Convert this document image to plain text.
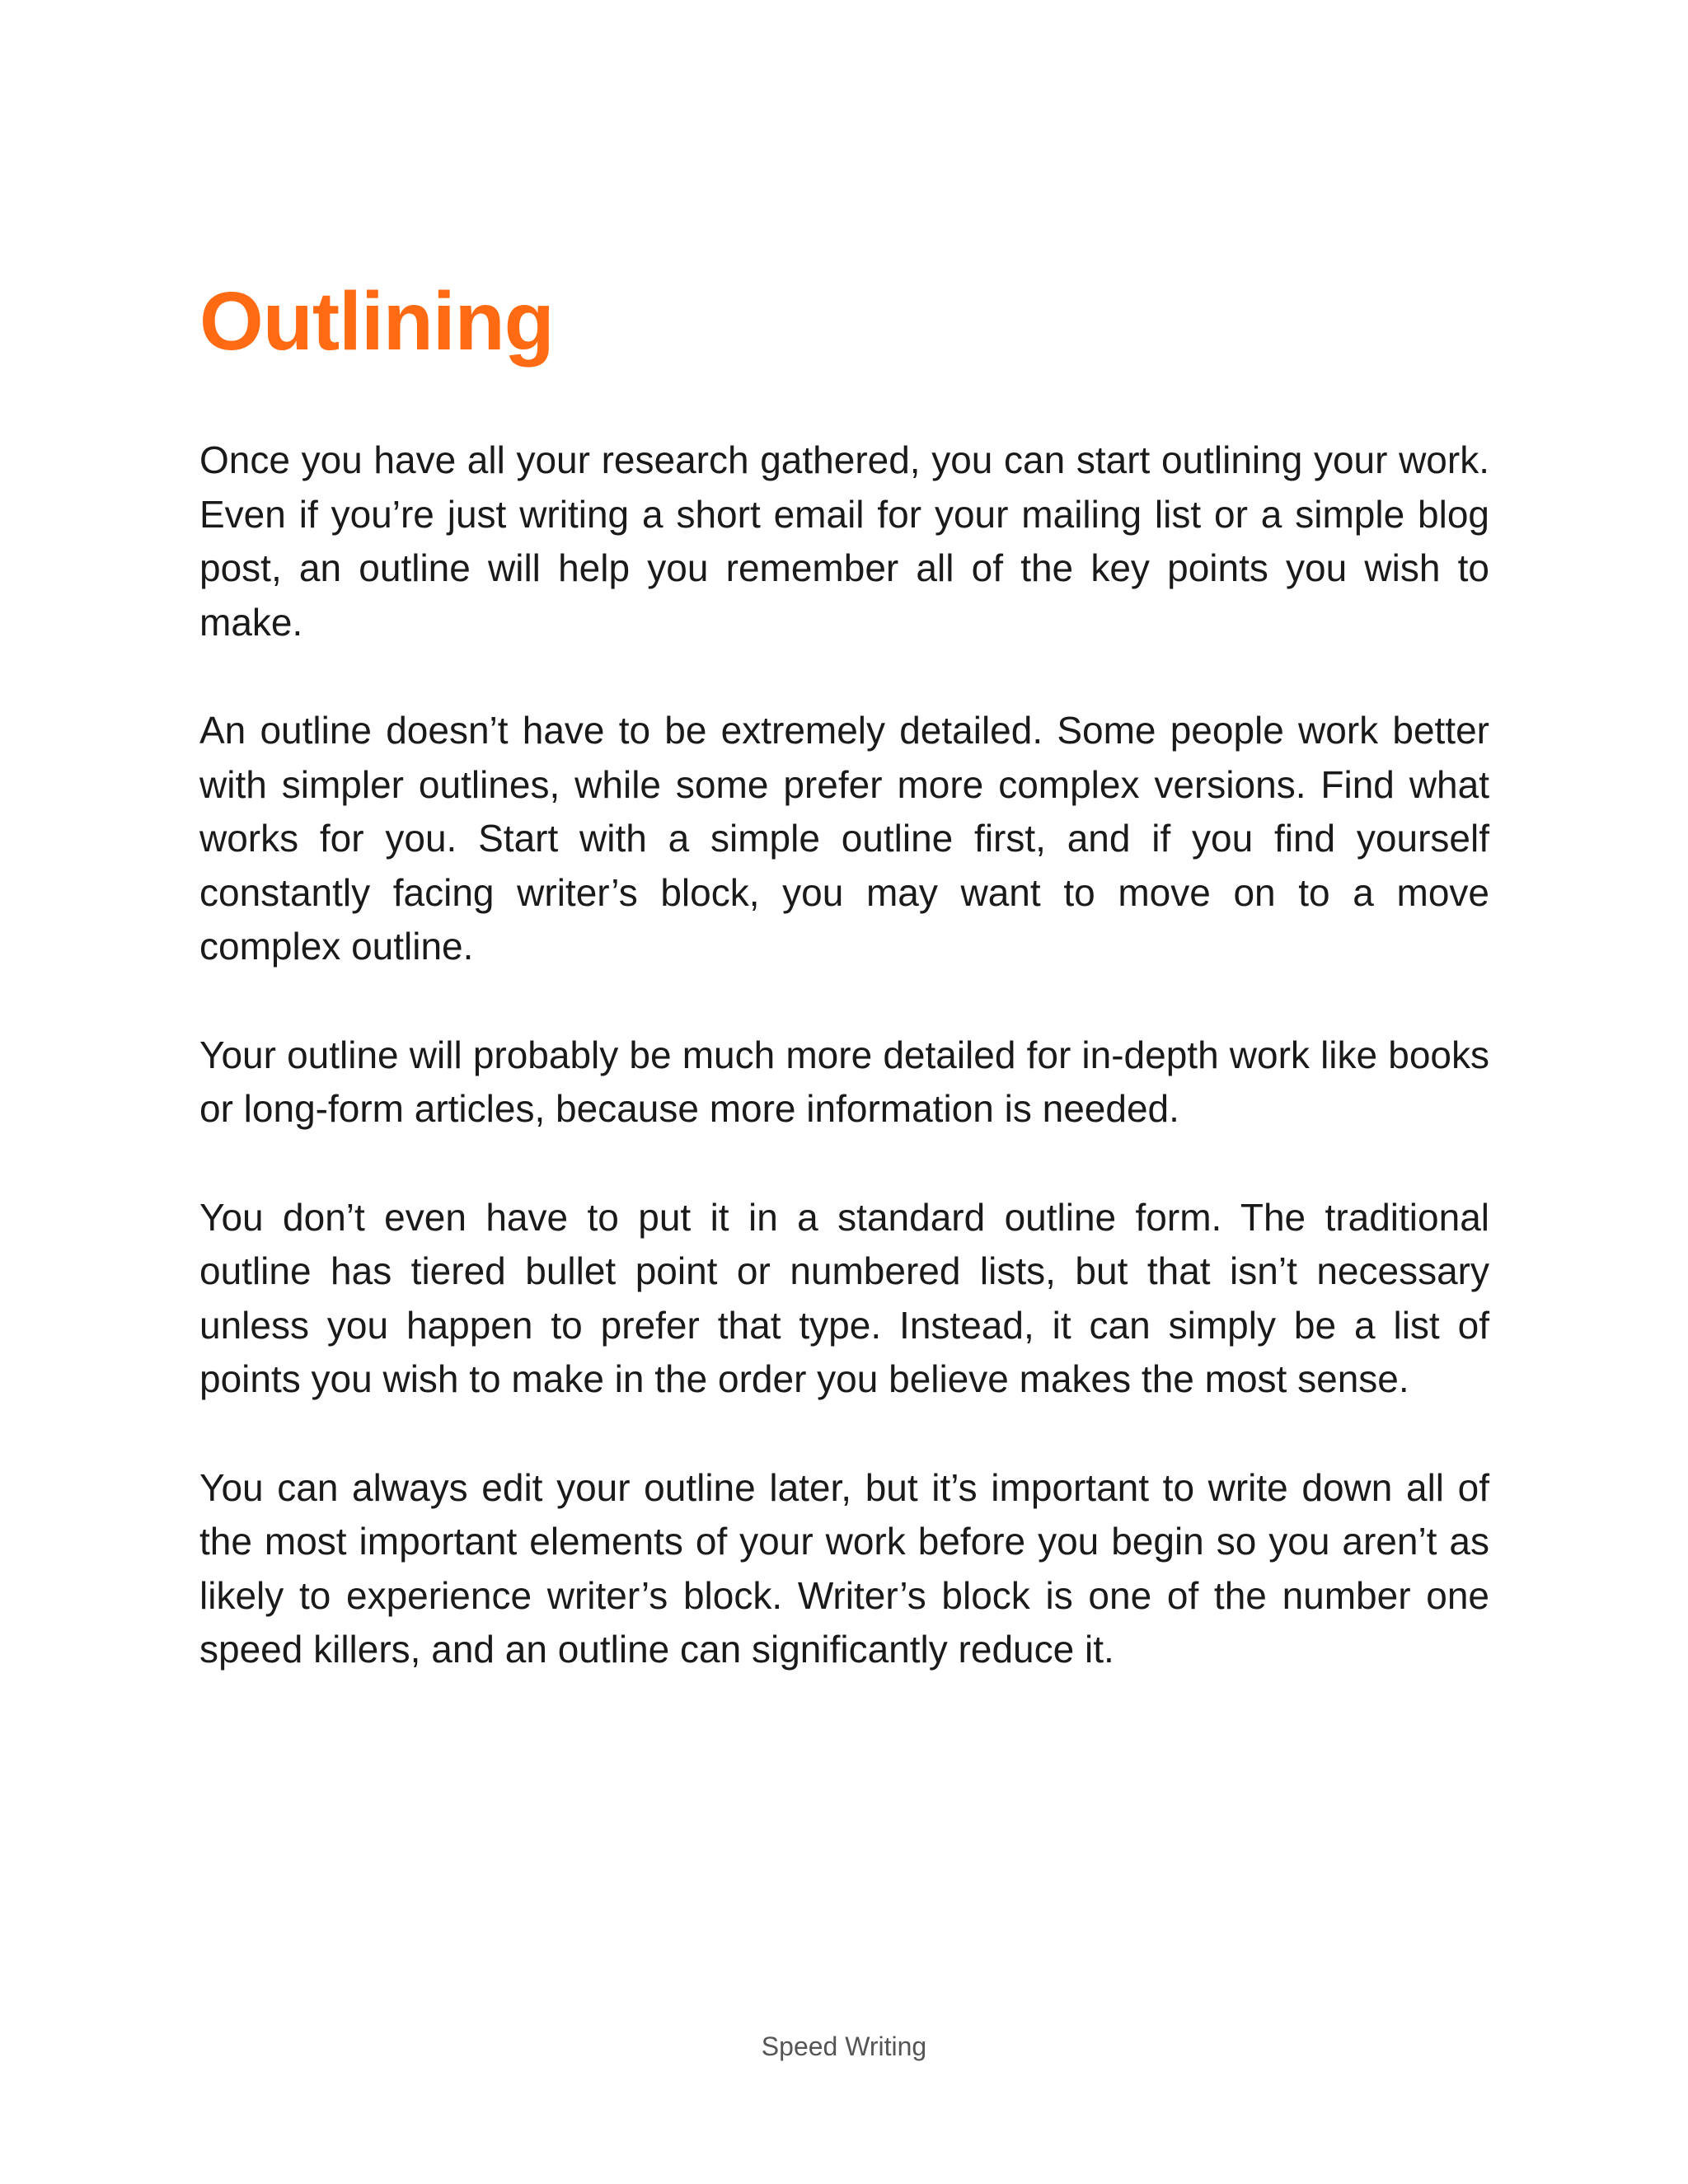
Outlining

Once you have all your research gathered, you can start outlining your work. Even if you’re just writing a short email for your mailing list or a simple blog post, an outline will help you remember all of the key points you wish to make.

An outline doesn’t have to be extremely detailed. Some people work better with simpler outlines, while some prefer more complex versions. Find what works for you. Start with a simple outline first, and if you find yourself constantly facing writer’s block, you may want to move on to a move complex outline.

Your outline will probably be much more detailed for in-depth work like books or long-form articles, because more information is needed.

You don’t even have to put it in a standard outline form. The traditional outline has tiered bullet point or numbered lists, but that isn’t necessary unless you happen to prefer that type. Instead, it can simply be a list of points you wish to make in the order you believe makes the most sense.

You can always edit your outline later, but it’s important to write down all of the most important elements of your work before you begin so you aren’t as likely to experience writer’s block. Writer’s block is one of the number one speed killers, and an outline can significantly reduce it.

Speed Writing
